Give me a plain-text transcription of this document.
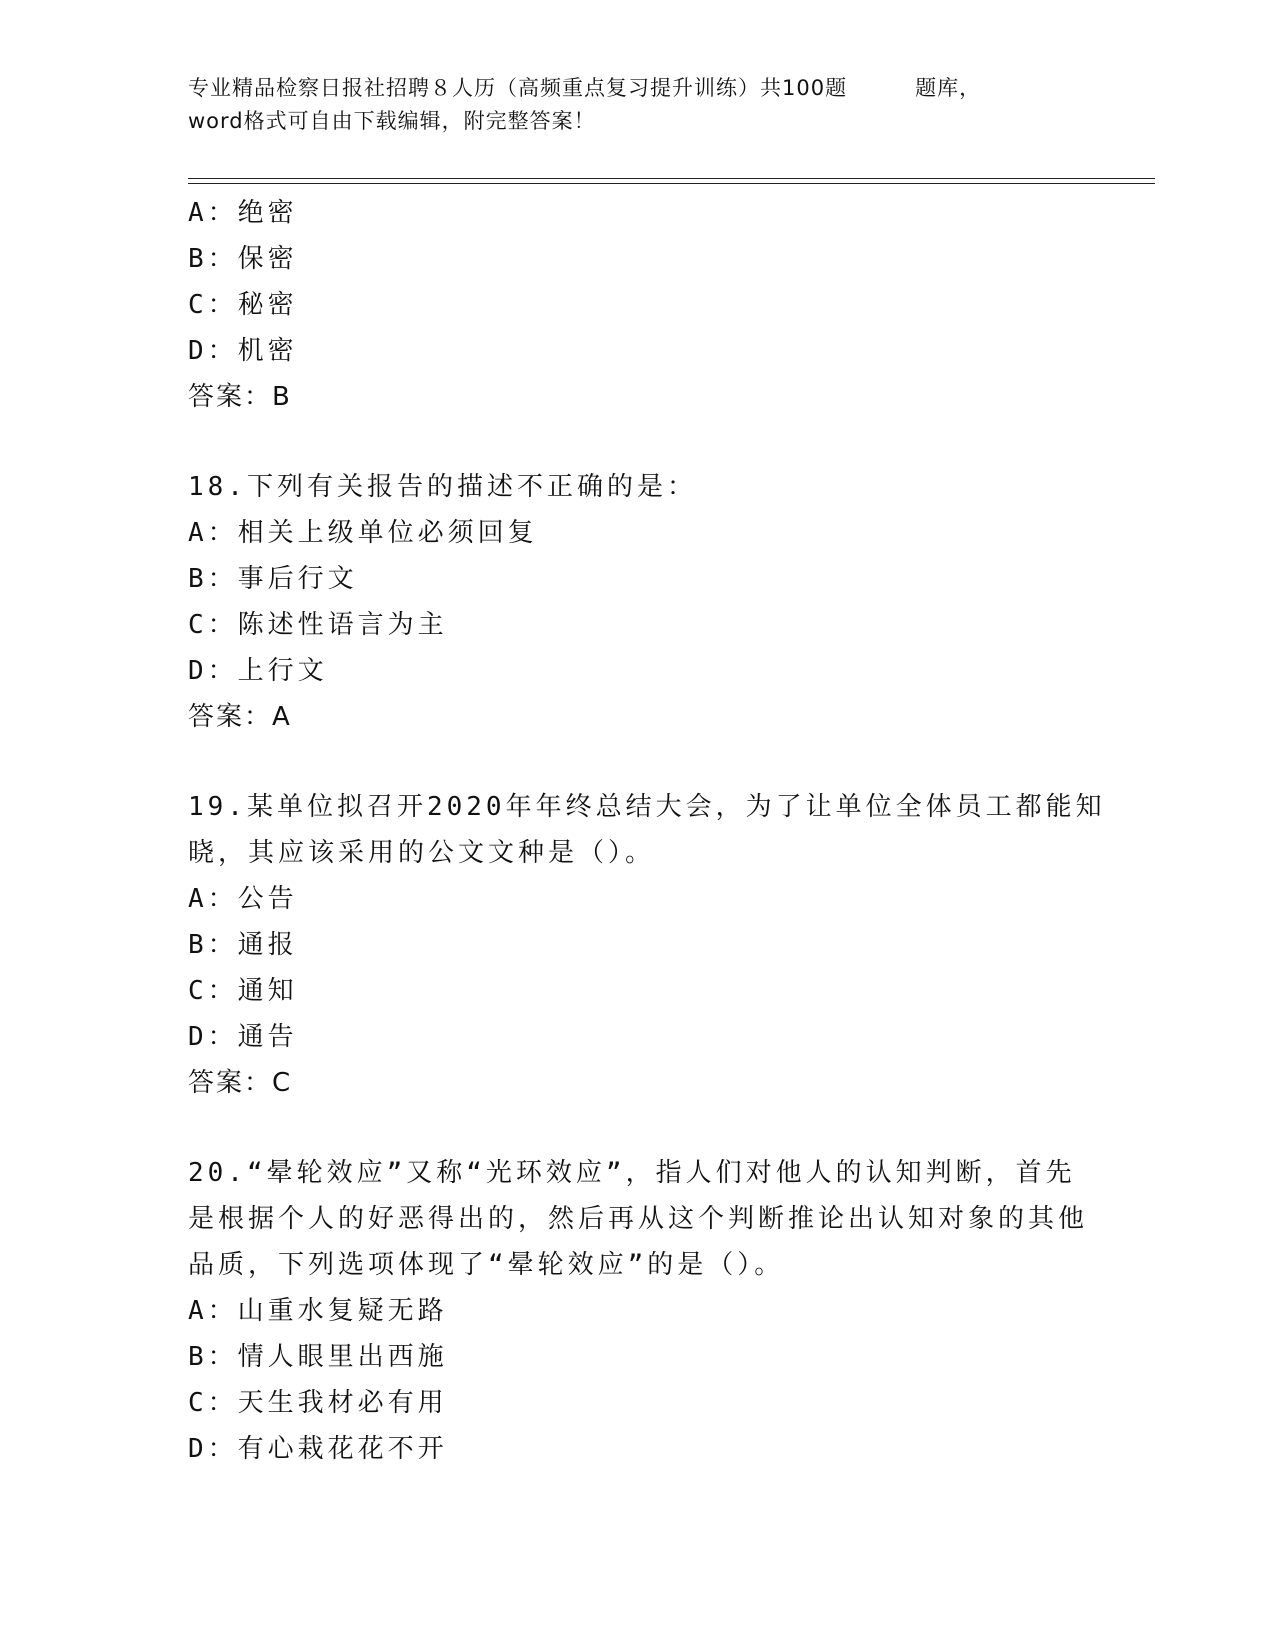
专业精品检察日报社招聘８人历（高频重点复习提升训练）共100题	题库，
word格式可自由下载编辑，附完整答案！
A：绝密
B：保密
C：秘密
D：机密
答案：B
18.下列有关报告的描述不正确的是：
A：相关上级单位必须回复
B：事后行文
C：陈述性语言为主
D：上行文
答案：A
19.某单位拟召开2020年年终总结大会，为了让单位全体员工都能知
晓，其应该采用的公文文种是（）。
A：公告
B：通报
C：通知
D：通告
答案：C
20.“晕轮效应”又称“光环效应”，指人们对他人的认知判断，首先
是根据个人的好恶得出的，然后再从这个判断推论出认知对象的其他
品质，下列选项体现了“晕轮效应”的是（）。
A：山重水复疑无路
B：情人眼里出西施
C：天生我材必有用
D：有心栽花花不开
